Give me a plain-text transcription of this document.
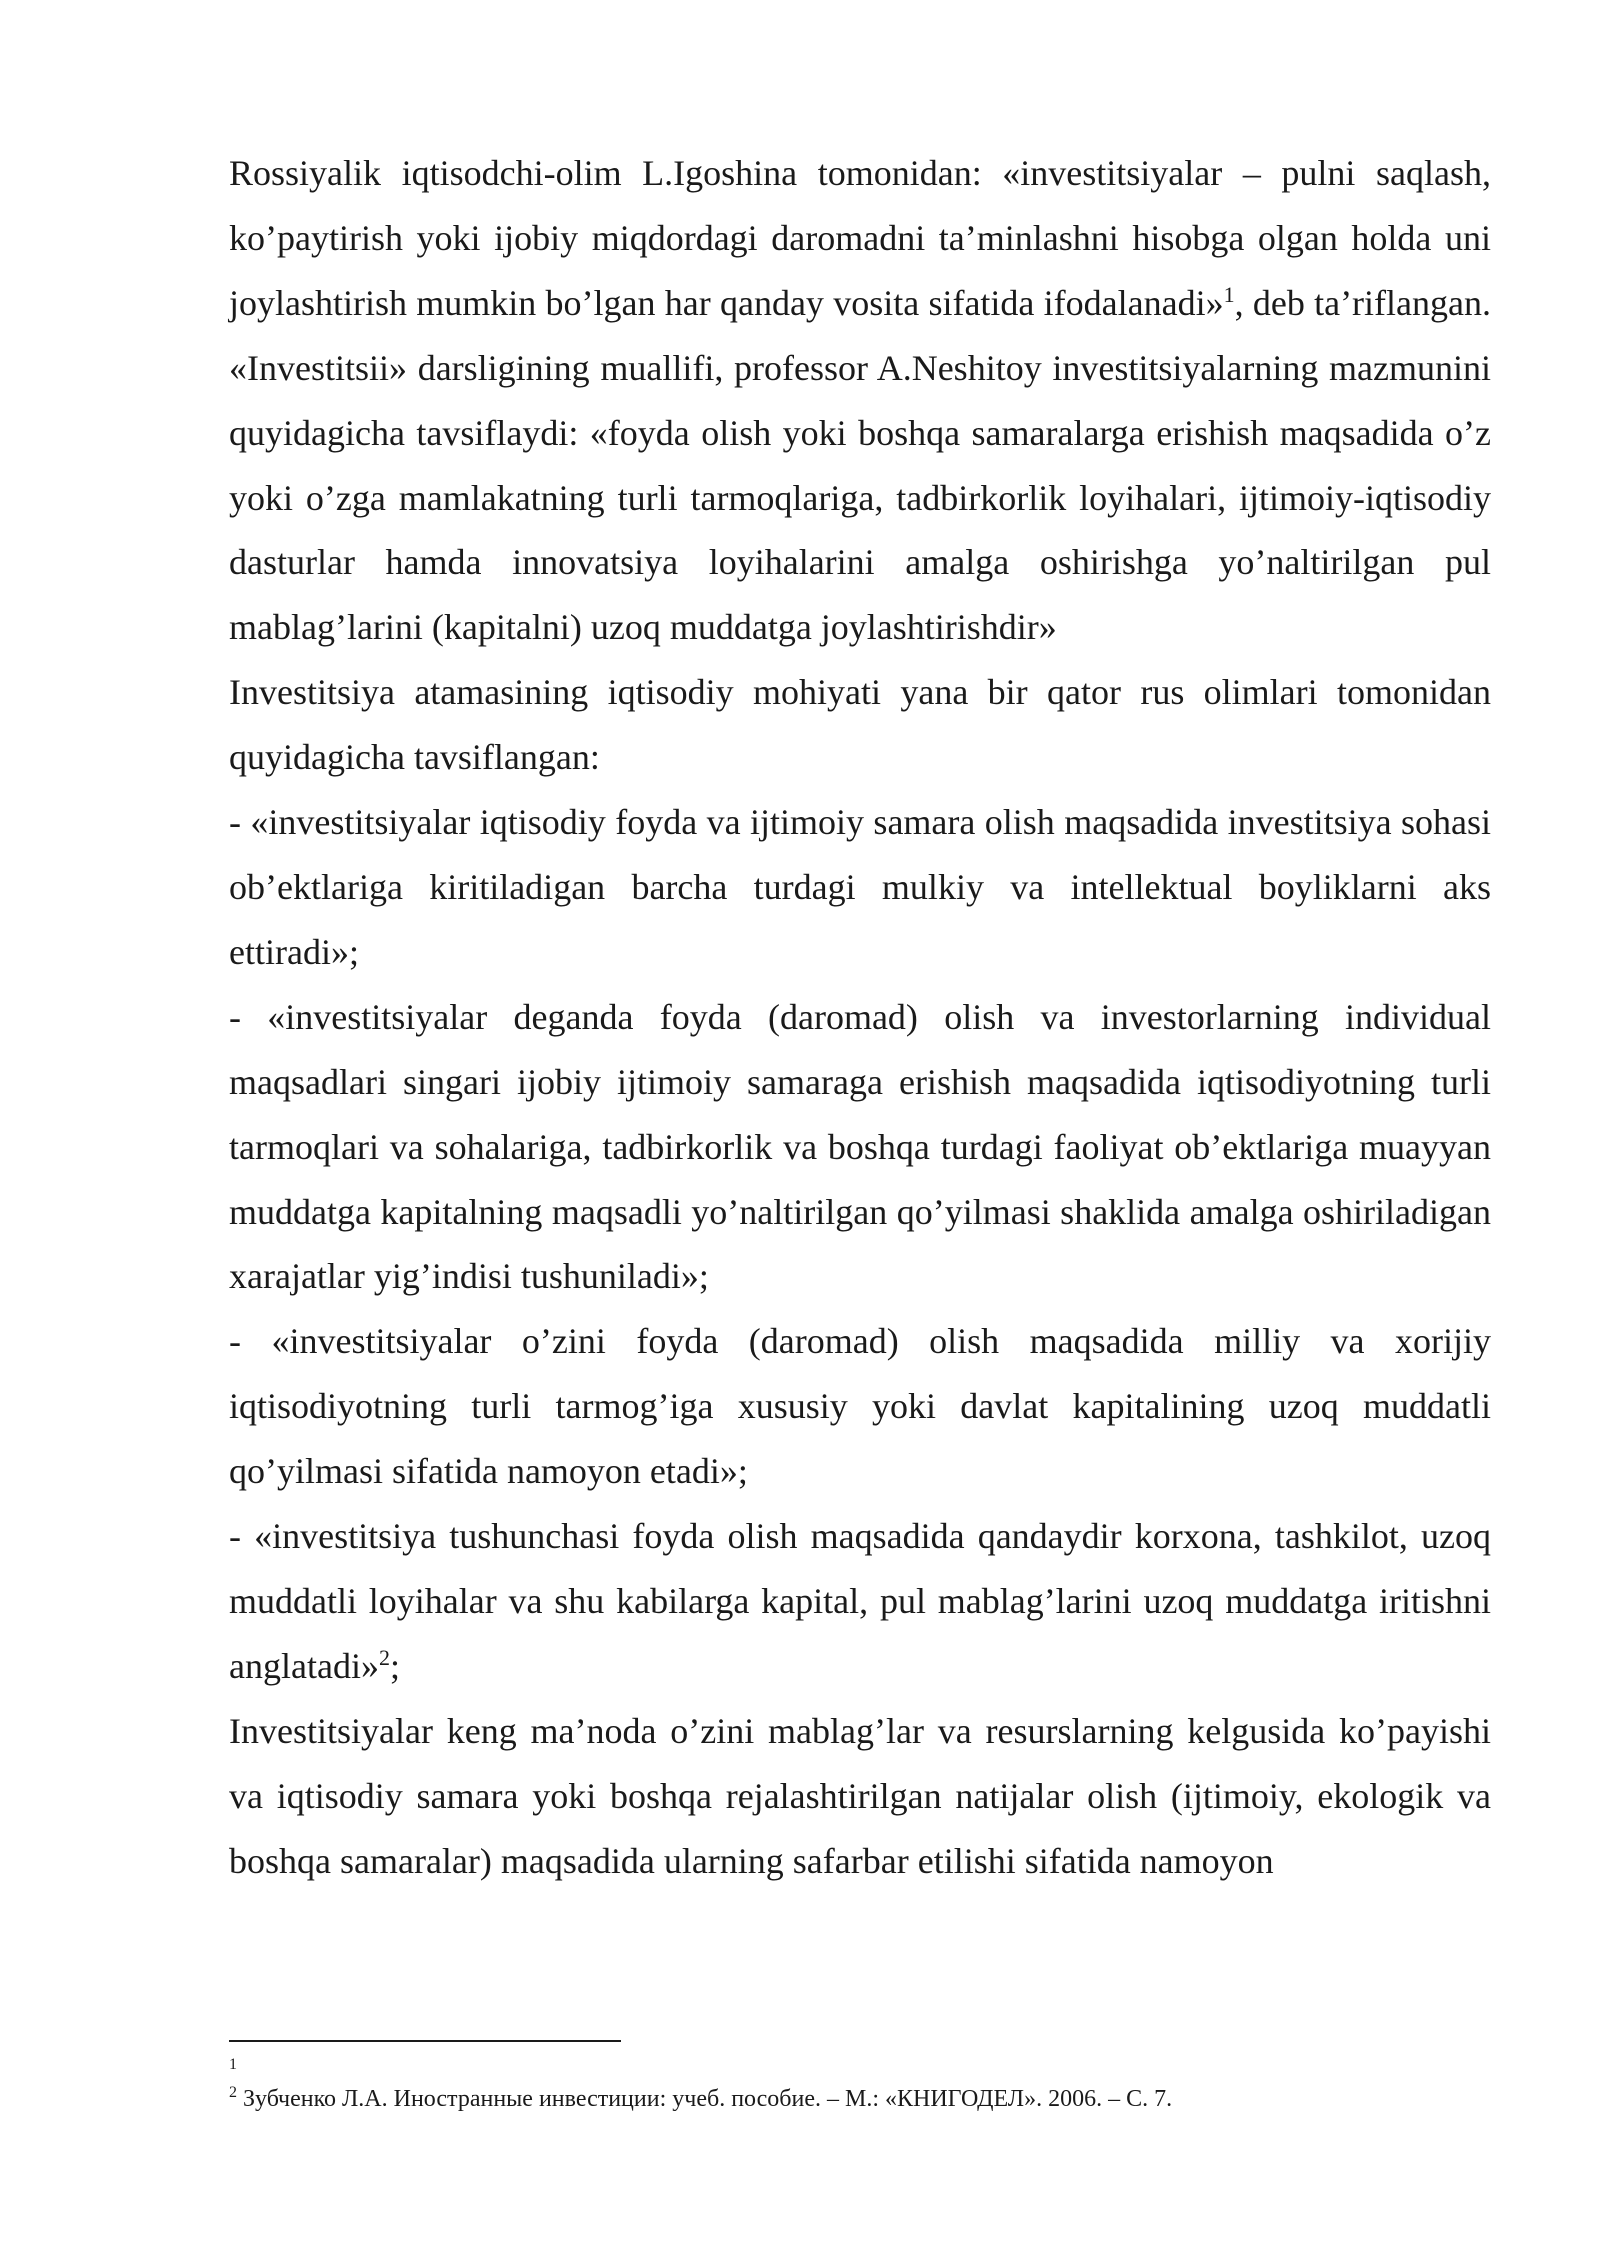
Rossiyalik iqtisodchi-olim L.Igoshina tomonidan: «investitsiyalar – pulni saqlash, ko’paytirish yoki ijobiy miqdordagi daromadni ta’minlashni hisobga olgan holda uni joylashtirish mumkin bo’lgan har qanday vosita sifatida ifodalanadi»$^1$, deb ta’riflangan. «Investitsii» darsligining muallifi, professor A.Neshitoy investitsiyalarning mazmunini quyidagicha tavsiflaydi: «foyda olish yoki boshqa samaralarga erishish maqsadida o’z yoki o’zga mamlakatning turli tarmoqlariga, tadbirkorlik loyihalari, ijtimoiy-iqtisodiy dasturlar hamda innovatsiya loyihalarini amalga oshirishga yo’naltirilgan pul mablag’larini (kapitalni) uzoq muddatga joylashtirishdir»

Investitsiya atamasining iqtisodiy mohiyati yana bir qator rus olimlari tomonidan quyidagicha tavsiflangan:

- «investitsiyalar iqtisodiy foyda va ijtimoiy samara olish maqsadida investitsiya sohasi ob’ektlariga kiritiladigan barcha turdagi mulkiy va intellektual boyliklarni aks ettiradi»;

- «investitsiyalar deganda foyda (daromad) olish va investorlarning individual maqsadlari singari ijobiy ijtimoiy samaraga erishish maqsadida iqtisodiyotning turli tarmoqlari va sohalariga, tadbirkorlik va boshqa turdagi faoliyat ob’ektlariga muayyan muddatga kapitalning maqsadli yo’naltirilgan qo’yilmasi shaklida amalga oshiriladigan xarajatlar yig’indisi tushuniladi»;

- «investitsiyalar o’zini foyda (daromad) olish maqsadida milliy va xorijiy iqtisodiyotning turli tarmog’iga xususiy yoki davlat kapitalining uzoq muddatli qo’yilmasi sifatida namoyon etadi»;

- «investitsiya tushunchasi foyda olish maqsadida qandaydir korxona, tashkilot, uzoq muddatli loyihalar va shu kabilarga kapital, pul mablag’larini uzoq muddatga iritishni anglatadi»$^2$;

Investitsiyalar keng ma’noda o’zini mablag’lar va resurslarning kelgusida ko’payishi va iqtisodiy samara yoki boshqa rejalashtirilgan natijalar olish (ijtimoiy, ekologik va boshqa samaralar) maqsadida ularning safarbar etilishi sifatida namoyon

$^1$

$^2$ Зубченко Л.А. Иностранные инвестиции: учеб. пособие. – М.: «КНИГОДЕЛ». 2006. – С. 7.
